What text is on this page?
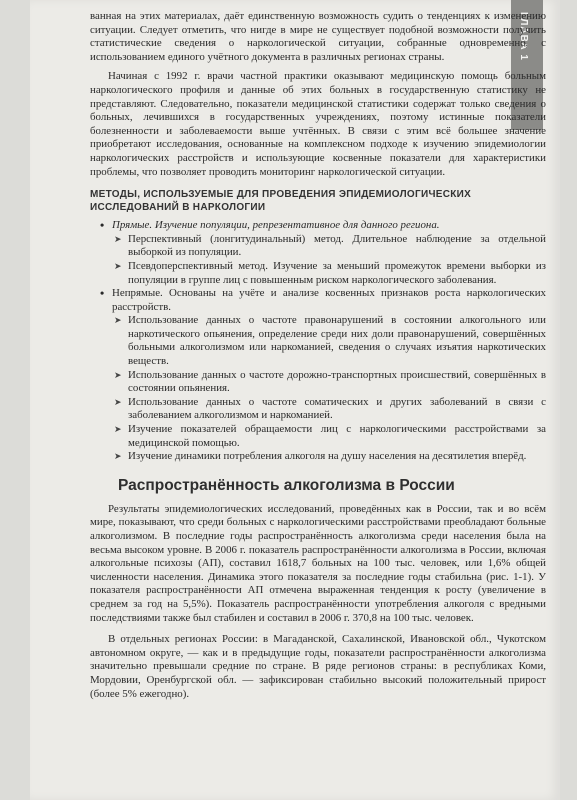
ГЛАВА 1

ванная на этих материалах, даёт единственную возможность судить о тенденциях к изменению ситуации. Следует отметить, что нигде в мире не существует подобной возможности получить статистические сведения о наркологической ситуации, собранные одновременно, с использованием единого учётного документа в различных регионах страны.

Начиная с 1992 г. врачи частной практики оказывают медицинскую помощь больным наркологического профиля и данные об этих больных в государственную статистику не представляют. Следовательно, показатели медицинской статистики содержат только сведения о больных, лечившихся в государственных учреждениях, поэтому истинные показатели болезненности и заболеваемости выше учтённых. В связи с этим всё большее значение приобретают исследования, основанные на комплексном подходе к изучению эпидемиологии наркологических расстройств и использующие косвенные показатели для характеристики проблемы, что позволяет проводить мониторинг наркологической ситуации.

МЕТОДЫ, ИСПОЛЬЗУЕМЫЕ ДЛЯ ПРОВЕДЕНИЯ ЭПИДЕМИОЛОГИЧЕСКИХ ИССЛЕДОВАНИЙ В НАРКОЛОГИИ
• Прямые. Изучение популяции, репрезентативное для данного региона.
➤ Перспективный (лонгитудинальный) метод. Длительное наблюдение за отдельной выборкой из популяции.
➤ Псевдоперспективный метод. Изучение за меньший промежуток времени выборки из популяции в группе лиц с повышенным риском наркологического заболевания.
• Непрямые. Основаны на учёте и анализе косвенных признаков роста наркологических расстройств.
➤ Использование данных о частоте правонарушений в состоянии алкогольного или наркотического опьянения, определение среди них доли правонарушений, совершённых больными алкоголизмом или наркоманией, сведения о случаях изъятия наркотических веществ.
➤ Использование данных о частоте дорожно-транспортных происшествий, совершённых в состоянии опьянения.
➤ Использование данных о частоте соматических и других заболеваний в связи с заболеванием алкоголизмом и наркоманией.
➤ Изучение показателей обращаемости лиц с наркологическими расстройствами за медицинской помощью.
➤ Изучение динамики потребления алкоголя на душу населения на десятилетия вперёд.
Распространённость алкоголизма в России

Результаты эпидемиологических исследований, проведённых как в России, так и во всём мире, показывают, что среди больных с наркологическими расстройствами преобладают больные алкоголизмом. В последние годы распространённость алкоголизма среди населения была на весьма высоком уровне. В 2006 г. показатель распространённости алкоголизма в России, включая алкогольные психозы (АП), составил 1618,7 больных на 100 тыс. человек, или 1,6% общей численности населения. Динамика этого показателя за последние годы стабильна (рис. 1-1). У показателя распространённости АП отмечена выраженная тенденция к росту (увеличение в среднем за год на 5,5%). Показатель распространённости употребления алкоголя с вредными последствиями также был стабилен и составил в 2006 г. 370,8 на 100 тыс. человек.

В отдельных регионах России: в Магаданской, Сахалинской, Ивановской обл., Чукотском автономном округе, — как и в предыдущие годы, показатели распространённости алкоголизма значительно превышали средние по стране. В ряде регионов страны: в республиках Коми, Мордовии, Оренбургской обл. — зафиксирован стабильно высокий положительный прирост (более 5% ежегодно).
